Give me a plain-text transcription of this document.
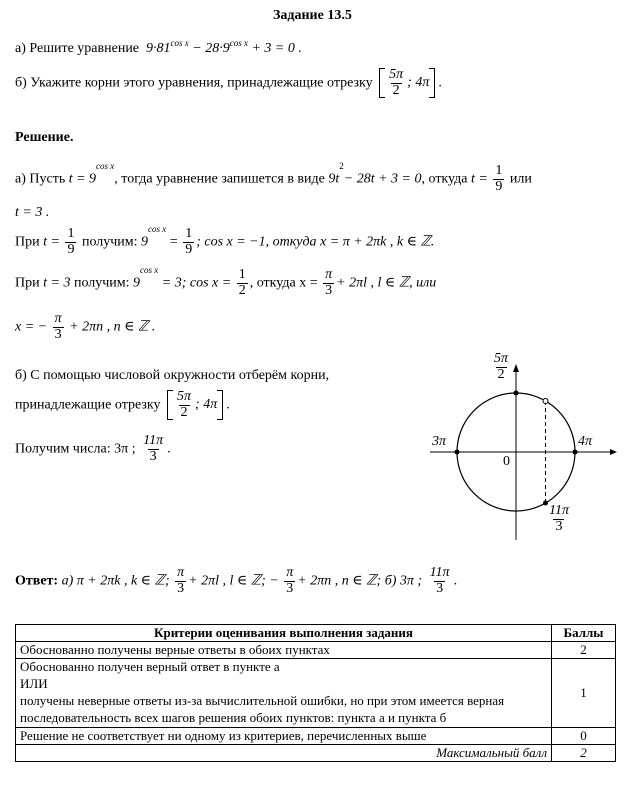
Задание 13.5
а) Решите уравнение $9\cdot 81^{cos x} - 28\cdot 9^{cos x} + 3 = 0$ .
б) Укажите корни этого уравнения, принадлежащие отрезку $\frac{5\pi}{2}$ ; 4π .
Решение.
а) Пусть $t = 9^{cos x}$, тогда уравнение запишется в виде $9t^2- 28t + 3 = 0$, откуда $t = \frac{1}{9}$ или
t = 3 .
При $t = \frac{1}{9}$ получим: $9^{cos x} = \frac{1}{9}$ ; cos x = −1, откуда x = π + 2πk , k ∈ ℤ.
При t = 3 получим: $9^{cos x} = 3$; $\cos x = \frac{1}{2}$ , откуда $x = \frac{\pi}{3} + 2\pi l$ , l ∈ ℤ, или
x = − $\frac{\pi}{3} + 2\pi n$ , n ∈ ℤ .
б) С помощью числовой окружности отберём корни,
принадлежащие отрезку $\frac{5\pi}{2}$ ; 4π .
Получим числа: 3π ; $\frac{11\pi}{3}$ .
$\frac{5\pi}{2}$
3π	4π
0
$\frac{11\pi}{3}$
Ответ: а) π + 2πk , k ∈ ℤ; $\frac{\pi}{3} + 2\pi l$ , l ∈ ℤ; − $\frac{\pi}{3} + 2\pi n$ , n ∈ ℤ; б) 3π ; $\frac{11\pi}{3}$ .
Критерии оценивания выполнения задания	Баллы
Обоснованно получены верные ответы в обоих пунктах	2

Обоснованно получен верный ответ в пункте а
ИЛИ
получены неверные ответы из-за вычислительной ошибки, но при этом имеется верная последовательность всех шагов решения обоих пунктов: пункта а и пункта б	1
Решение не соответствует ни одному из критериев, перечисленных выше	0
Максимальный балл	2
